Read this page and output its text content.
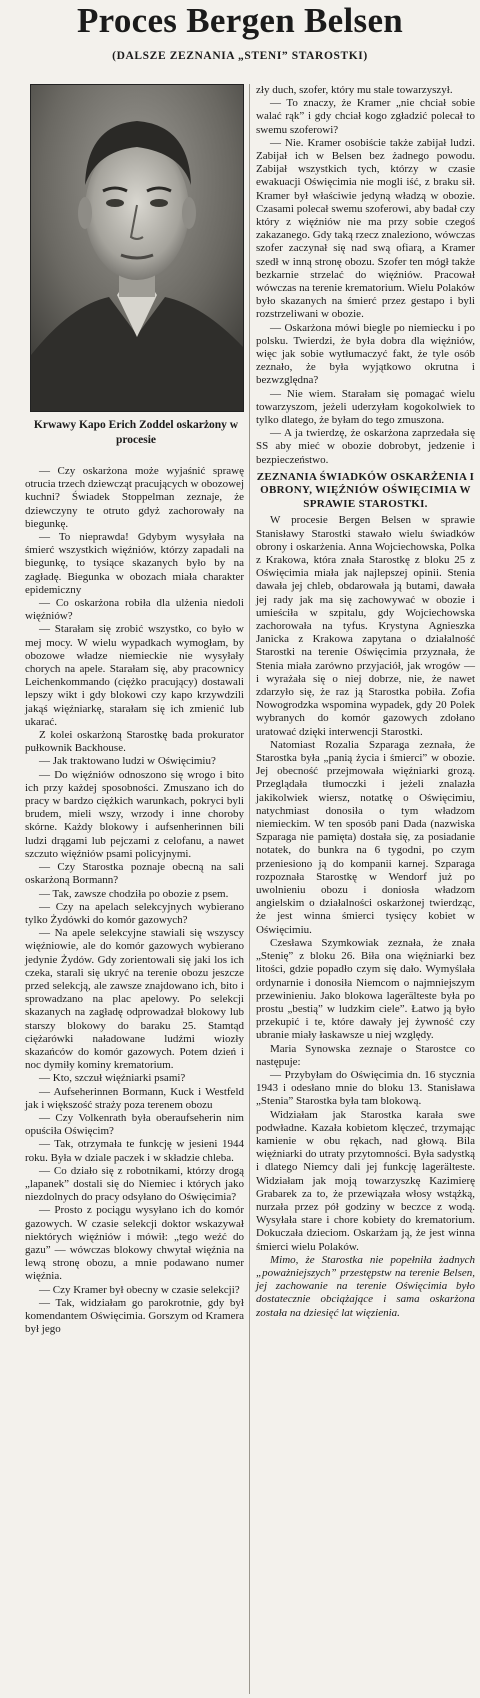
Proces Bergen Belsen
(DALSZE ZEZNANIA „STENI” STAROSTKI)
Krwawy Kapo Erich Zoddel oskarżony w procesie

— Czy oskarżona może wyjaśnić sprawę otrucia trzech dziewcząt pracujących w obozowej kuchni? Świadek Stoppelman zeznaje, że dziewczyny te otruto gdyż zachorowały na biegunkę.

— To nieprawda! Gdybym wysyłała na śmierć wszystkich więźniów, którzy zapadali na biegunkę, to tysiące skazanych było by na zagładę. Biegunka w obozach miała charakter epidemiczny

— Co oskarżona robiła dla ulżenia niedoli więźniów?

— Starałam się zrobić wszystko, co było w mej mocy. W wielu wypadkach wymogłam, by obozowe władze niemieckie nie wysyłały chorych na apele. Starałam się, aby pracownicy Leichenkommando (ciężko pracujący) dostawali lepszy wikt i gdy blokowi czy kapo krzywdzili jakąś więźniarkę, starałam się ich zmienić lub ukarać.

Z kolei oskarżoną Starostkę bada prokurator pułkownik Backhouse.

— Jak traktowano ludzi w Oświęcimiu?

— Do więźniów odnoszono się wrogo i bito ich przy każdej sposobności. Zmuszano ich do pracy w bardzo ciężkich warunkach, pokryci byli brudem, mieli wszy, wrzody i inne choroby skórne. Każdy blokowy i aufsenherinnen bili ludzi drągami lub pejczami z celofanu, a nawet szczuto więźniów psami policyjnymi.

— Czy Starostka poznaje obecną na sali oskarżoną Bormann?

— Tak, zawsze chodziła po obozie z psem.

— Czy na apelach selekcyjnych wybierano tylko Żydówki do komór gazowych?

— Na apele selekcyjne stawiali się wszyscy więźniowie, ale do komór gazowych wybierano jedynie Żydów. Gdy zorientowali się jaki los ich czeka, starali się ukryć na terenie obozu jeszcze przed selekcją, ale zawsze znajdowano ich, bito i sprowadzano na plac apelowy. Po selekcji skazanych na zagładę odprowadzał blokowy lub starszy blokowy do baraku 25. Stamtąd ciężarówki naładowane ludźmi wiozły skazańców do komór gazowych. Potem dzień i noc dymiły kominy krematorium.

— Kto, szczuł więźniarki psami?

— Aufseherinnen Bormann, Kuck i Westfeld jak i większość straży poza terenem obozu

— Czy Volkenrath była oberaufseherin nim opuściła Oświęcim?

— Tak, otrzymała te funkcję w jesieni 1944 roku. Była w dziale paczek i w składzie chleba.

— Co działo się z robotnikami, którzy drogą „lapanek” dostali się do Niemiec i których jako niezdolnych do pracy odsyłano do Oświęcimia?

— Prosto z pociągu wysyłano ich do komór gazowych. W czasie selekcji doktor wskazywał niektórych więźniów i mówił: „tego weźć do gazu” — wówczas blokowy chwytał więźnia na lewą stronę obozu, a mnie podawano numer więźnia.

— Czy Kramer był obecny w czasie selekcji?

— Tak, widziałam go parokrotnie, gdy był komendantem Oświęcimia. Gorszym od Kramera był jego

zły duch, szofer, który mu stale towarzyszył.

— To znaczy, że Kramer „nie chciał sobie walać rąk” i gdy chciał kogo zgładzić polecał to swemu szoferowi?

— Nie. Kramer osobiście także zabijał ludzi. Zabijał ich w Belsen bez żadnego powodu. Zabijał wszystkich tych, którzy w czasie ewakuacji Oświęcimia nie mogli iść, z braku sił. Kramer był właściwie jedyną władzą w obozie. Czasami polecał swemu szoferowi, aby badał czy który z więźniów nie ma przy sobie czegoś zakazanego. Gdy taką rzecz znaleziono, wówczas szofer zaczynał się nad swą ofiarą, a Kramer szedł w inną stronę obozu. Szofer ten mógł także bezkarnie strzelać do więźniów. Pracował wówczas na terenie krematorium. Wielu Polaków było skazanych na śmierć przez gestapo i byli rozstrzeliwani w obozie.

— Oskarżona mówi biegle po niemiecku i po polsku. Twierdzi, że była dobra dla więźniów, więc jak sobie wytłumaczyć fakt, że tyle osób zeznało, że była wyjątkowo okrutna i bezwzględna?

— Nie wiem. Starałam się pomagać wielu towarzyszom, jeżeli uderzyłam kogokolwiek to tylko dlatego, że byłam do tego zmuszona.

— A ja twierdzę, że oskarżona zaprzedała się SS aby mieć w obozie dobrobyt, jedzenie i bezpieczeństwo.

ZEZNANIA ŚWIADKÓW OSKARŻENIA I OBRONY, WIĘŹNIÓW OŚWIĘCIMIA W SPRAWIE STAROSTKI.

W procesie Bergen Belsen w sprawie Stanisławy Starostki stawało wielu świadków obrony i oskarżenia. Anna Wojciechowska, Polka z Krakowa, która znała Starostkę z bloku 25 z Oświęcimia miała jak najlepszej opinii. Stenia dawała jej chleb, obdarowała ją butami, dawała jej rady jak ma się zachowywać w obozie i umieściła w szpitalu, gdy Wojciechowska zachorowała na tyfus. Krystyna Agnieszka Janicka z Krakowa zapytana o działalność Starostki na terenie Oświęcimia przyznała, że Stenia miała zarówno przyjaciół, jak wrogów — i wyrażała się o niej dobrze, nie, że nawet zdarzyło się, że raz ją Starostka pobiła. Zofia Nowogrodzka wspomina wypadek, gdy 20 Polek wybranych do komór gazowych zdołano uratować dzięki interwencji Starostki.

Natomiast Rozalia Szparaga zeznała, że Starostka była „panią życia i śmierci” w obozie. Jej obecność przejmowała więźniarki grozą. Przeglądała tłumoczki i jeżeli znalazła jakikolwiek wiersz, notatkę o Oświęcimiu, natychmiast donosiła o tym władzom niemieckim. W ten sposób pani Dada (nazwiska Szparaga nie pamięta) dostała się, za posiadanie notatek, do bunkra na 6 tygodni, po czym przeniesiono ją do kompanii karnej. Szparaga rozpoznała Starostkę w Wendorf już po uwolnieniu obozu i doniosła władzom angielskim o działalności oskarżonej twierdząc, że jest winna śmierci tysięcy kobiet w Oświęcimiu.

Czesława Szymkowiak zeznała, że znała „Stenię” z bloku 26. Biła ona więźniarki bez litości, gdzie popadło czym się dało. Wymyślała ordynarnie i donosiła Niemcom o najmniejszym przewinieniu. Jako blokowa lagerälteste była po prostu „bestią” w ludzkim ciele”. Łatwo ją było przekupić i te, które dawały jej żywność czy ubranie miały łaskawsze u niej względy.

Maria Synowska zeznaje o Starostce co następuje:

— Przybyłam do Oświęcimia dn. 16 stycznia 1943 i odesłano mnie do bloku 13. Stanisława „Stenia” Starostka była tam blokową.

Widziałam jak Starostka karała swe podwładne. Kazała kobietom klęczeć, trzymając kamienie w obu rękach, nad głową. Bila więźniarki do utraty przytomności. Była sadystką i dlatego Niemcy dali jej funkcję lagerälteste. Widziałam jak moją towarzyszkę Kazimierę Grabarek za to, że przewiązała włosy wstążką, nurzała przez pół godziny w beczce z wodą. Wysyłała stare i chore kobiety do krematorium. Dokuczała dzieciom. Oskarżam ją, że jest winna śmierci wielu Polaków.

Mimo, że Starostka nie popełniła żadnych „poważniejszych” przestępstw na terenie Belsen, jej zachowanie na terenie Oświęcimia było dostatecznie obciążające i sama oskarżona została na dziesięć lat więzienia.
